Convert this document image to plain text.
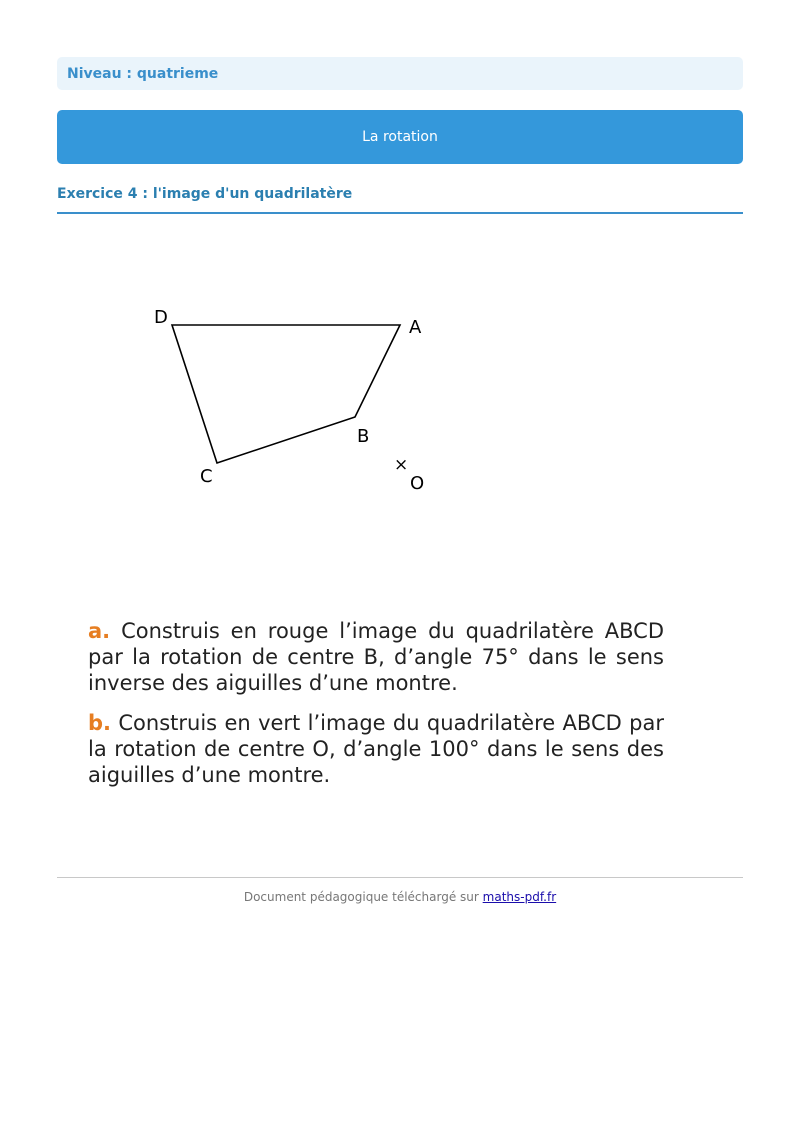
Niveau : quatrieme
La rotation
Exercice 4 : l'image d'un quadrilatère
D	A
B
C
×
O

a. Construis en rouge l’image du quadrilatère ABCD par la rotation de centre B, d’angle 75° dans le sens inverse des aiguilles d’une montre.

b. Construis en vert l’image du quadrilatère ABCD par la rotation de centre O, d’angle 100° dans le sens des aiguilles d’une montre.

Document pédagogique téléchargé sur maths-pdf.fr
